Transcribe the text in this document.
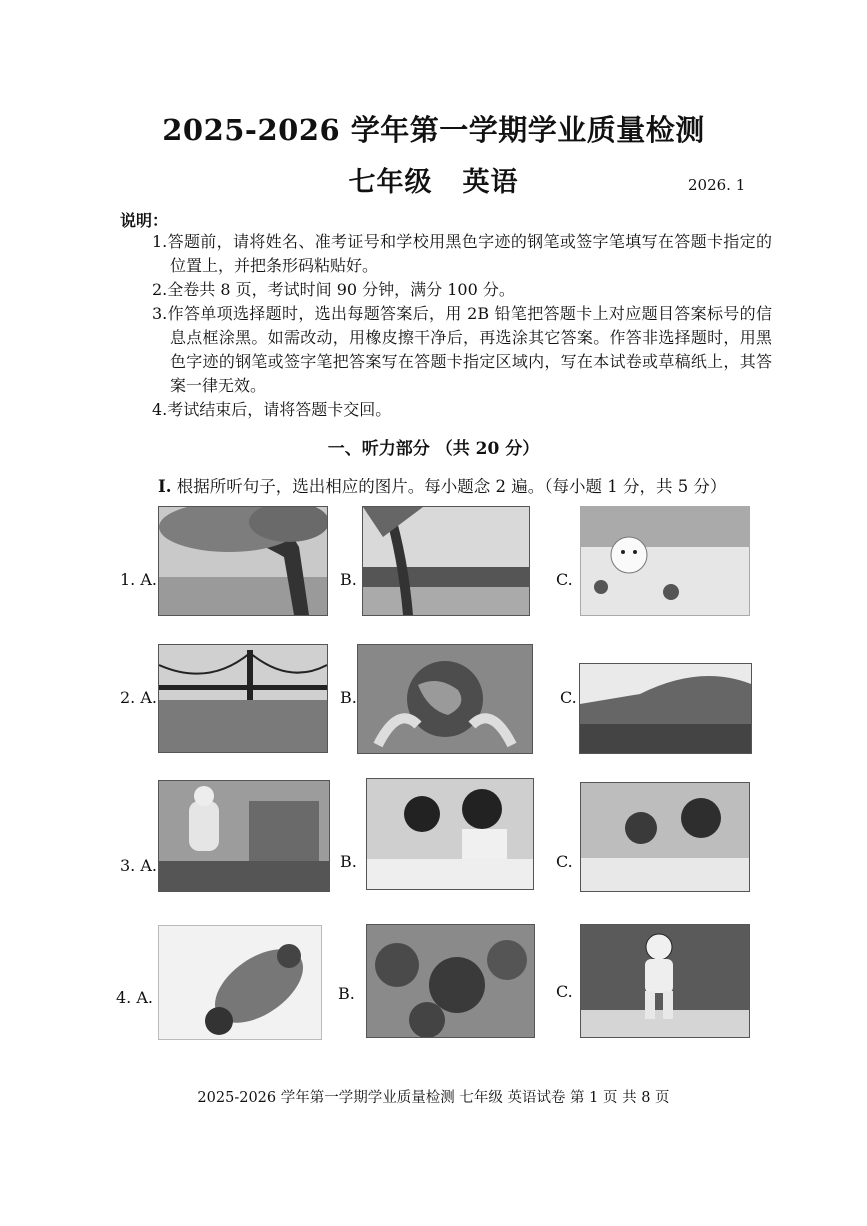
2025-2026 学年第一学期学业质量检测
七年级 英语	2026. 1
说明：
1.答题前，请将姓名、准考证号和学校用黑色字迹的钢笔或签字笔填写在答题卡指定的位置上，并把条形码粘贴好。
2.全卷共 8 页，考试时间 90 分钟，满分 100 分。
3.作答单项选择题时，选出每题答案后，用 2B 铅笔把答题卡上对应题目答案标号的信息点框涂黑。如需改动，用橡皮擦干净后，再选涂其它答案。作答非选择题时，用黑色字迹的钢笔或签字笔把答案写在答题卡指定区域内，写在本试卷或草稿纸上，其答案一律无效。
4.考试结束后，请将答题卡交回。
一、听力部分 （共 20 分）
I. 根据所听句子，选出相应的图片。每小题念 2 遍。（每小题 1 分，共 5 分）
1. A.	B.	C.
2. A.	B.	C.
3. A.	B.	C.
4. A.	B.	C.
2025-2026 学年第一学期学业质量检测 七年级 英语试卷 第 1 页 共 8 页
